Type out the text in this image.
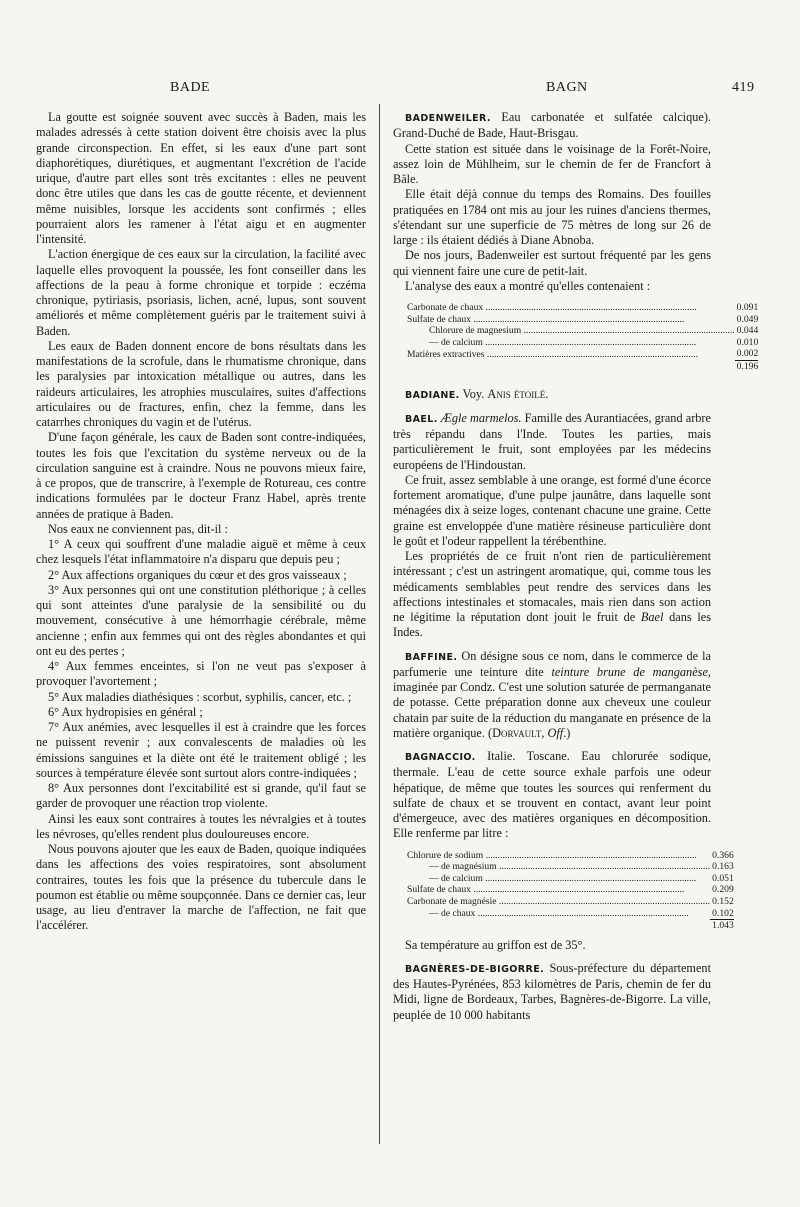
BADE	BAGN	419

La goutte est soignée souvent avec succès à Baden, mais les malades adressés à cette station doivent être choisis avec la plus grande circonspection. En effet, si les eaux d'une part sont diaphorétiques, diurétiques, et augmentant l'excrétion de l'acide urique, d'autre part elles sont très excitantes : elles ne peuvent donc être utiles que dans les cas de goutte récente, et deviennent même nuisibles, lorsque les accidents sont confirmés ; elles pourraient alors les ramener à l'état aigu et en augmenter l'intensité.

L'action énergique de ces eaux sur la circulation, la facilité avec laquelle elles provoquent la poussée, les font conseiller dans les affections de la peau à forme chronique et torpide : eczéma chronique, pytiriasis, psoriasis, lichen, acné, lupus, sont souvent améliorés et même complètement guéris par le traitement suivi à Baden.

Les eaux de Baden donnent encore de bons résultats dans les manifestations de la scrofule, dans le rhumatisme chronique, dans les paralysies par intoxication métallique ou autres, dans les raideurs articulaires, les atrophies musculaires, suites d'affections articulaires ou de fractures, enfin, chez la femme, dans les catarrhes chroniques du vagin et de l'utérus.

D'une façon générale, les caux de Baden sont contre-indiquées, toutes les fois que l'excitation du système nerveux ou de la circulation sanguine est à craindre. Nous ne pouvons mieux faire, à ce propos, que de transcrire, à l'exemple de Rotureau, ces contre indications formulées par le docteur Franz Habel, après trente années de pratique à Baden.

Nos eaux ne conviennent pas, dit-il :

1° A ceux qui souffrent d'une maladie aiguë et même à ceux chez lesquels l'état inflammatoire n'a disparu que depuis peu ;

2° Aux affections organiques du cœur et des gros vaisseaux ;

3° Aux personnes qui ont une constitution pléthorique ; à celles qui sont atteintes d'une paralysie de la sensibilité ou du mouvement, consécutive à une hémorrhagie cérébrale, même ancienne ; enfin aux femmes qui ont des règles abondantes et qui ont eu des pertes ;

4° Aux femmes enceintes, si l'on ne veut pas s'exposer à provoquer l'avortement ;

5° Aux maladies diathésiques : scorbut, syphilis, cancer, etc. ;

6° Aux hydropisies en général ;

7° Aux anémies, avec lesquelles il est à craindre que les forces ne puissent revenir ; aux convalescents de maladies où les émissions sanguines et la diète ont été le traitement obligé ; les sources à température élevée sont surtout alors contre-indiquées ;

8° Aux personnes dont l'excitabilité est si grande, qu'il faut se garder de provoquer une réaction trop violente.

Ainsi les eaux sont contraires à toutes les névralgies et à toutes les névroses, qu'elles rendent plus douloureuses encore.

Nous pouvons ajouter que les eaux de Baden, quoique indiquées dans les affections des voies respiratoires, sont absolument contraires, toutes les fois que la présence du tubercule dans le poumon est établie ou même soupçonnée. Dans ce dernier cas, leur usage, au lieu d'entraver la marche de l'affection, ne fait que l'accélérer.

BADENWEILER. Eau carbonatée et sulfatée calcique). Grand-Duché de Bade, Haut-Brisgau.

Cette station est située dans le voisinage de la Forêt-Noire, assez loin de Mühlheim, sur le chemin de fer de Francfort à Bâle.

Elle était déjà connue du temps des Romains. Des fouilles pratiquées en 1784 ont mis au jour les ruines d'anciens thermes, s'étendant sur une superficie de 75 mètres de long sur 26 de large : ils étaient dédiés à Diane Abnoba.

De nos jours, Badenweiler est surtout fréquenté par les gens qui viennent faire une cure de petit-lait.

L'analyse des eaux a montré qu'elles contenaient :

Carbonate de chaux .....	0.091
Sulfate de chaux .....	0.049
Chlorure de magnesium .....	0.044
— de calcium .....	0.010
Matières extractives .....	0.002
	0.196

BADIANE. Voy. Anis étoilé.

BAEL. Ægle marmelos. Famille des Aurantiacées, grand arbre très répandu dans l'Inde. Toutes les parties, mais particulièrement le fruit, sont employées par les médecins européens de l'Hindoustan.

Ce fruit, assez semblable à une orange, est formé d'une écorce fortement aromatique, d'une pulpe jaunâtre, dans laquelle sont ménagées dix à seize loges, contenant chacune une graine. Cette graine est enveloppée d'une matière résineuse particulière dont le goût et l'odeur rappellent la térébenthine.

Les propriétés de ce fruit n'ont rien de particulièrement intéressant ; c'est un astringent aromatique, qui, comme tous les médicaments semblables peut rendre des services dans les affections intestinales et stomacales, mais rien dans son action ne légitime la réputation dont jouit le fruit de Bael dans les Indes.

BAFFINE. On désigne sous ce nom, dans le commerce de la parfumerie une teinture dite teinture brune de manganèse, imaginée par Condz. C'est une solution saturée de permanganate de potasse. Cette préparation donne aux cheveux une couleur chatain par suite de la réduction du manganate en présence de la matière organique. (Dorvault, Off.)

BAGNACCIO. Italie. Toscane. Eau chlorurée sodique, thermale. L'eau de cette source exhale parfois une odeur hépatique, de même que toutes les sources qui renferment du sulfate de chaux et se trouvent en contact, avant leur point d'émergeuce, avec des matières organiques en décomposition. Elle renferme par litre :

Chlorure de sodium .....	0.366
— de magnésium .....	0.163
— de calcium .....	0.051
Sulfate de chaux .....	0.209
Carbonate de magnésie .....	0.152
— de chaux .....	0.102
	1.043

Sa température au griffon est de 35°.

BAGNÈRES-DE-BIGORRE. Sous-préfecture du département des Hautes-Pyrénées, 853 kilomètres de Paris, chemin de fer du Midi, ligne de Bordeaux, Tarbes, Bagnères-de-Bigorre. La ville, peuplée de 10 000 habitants
